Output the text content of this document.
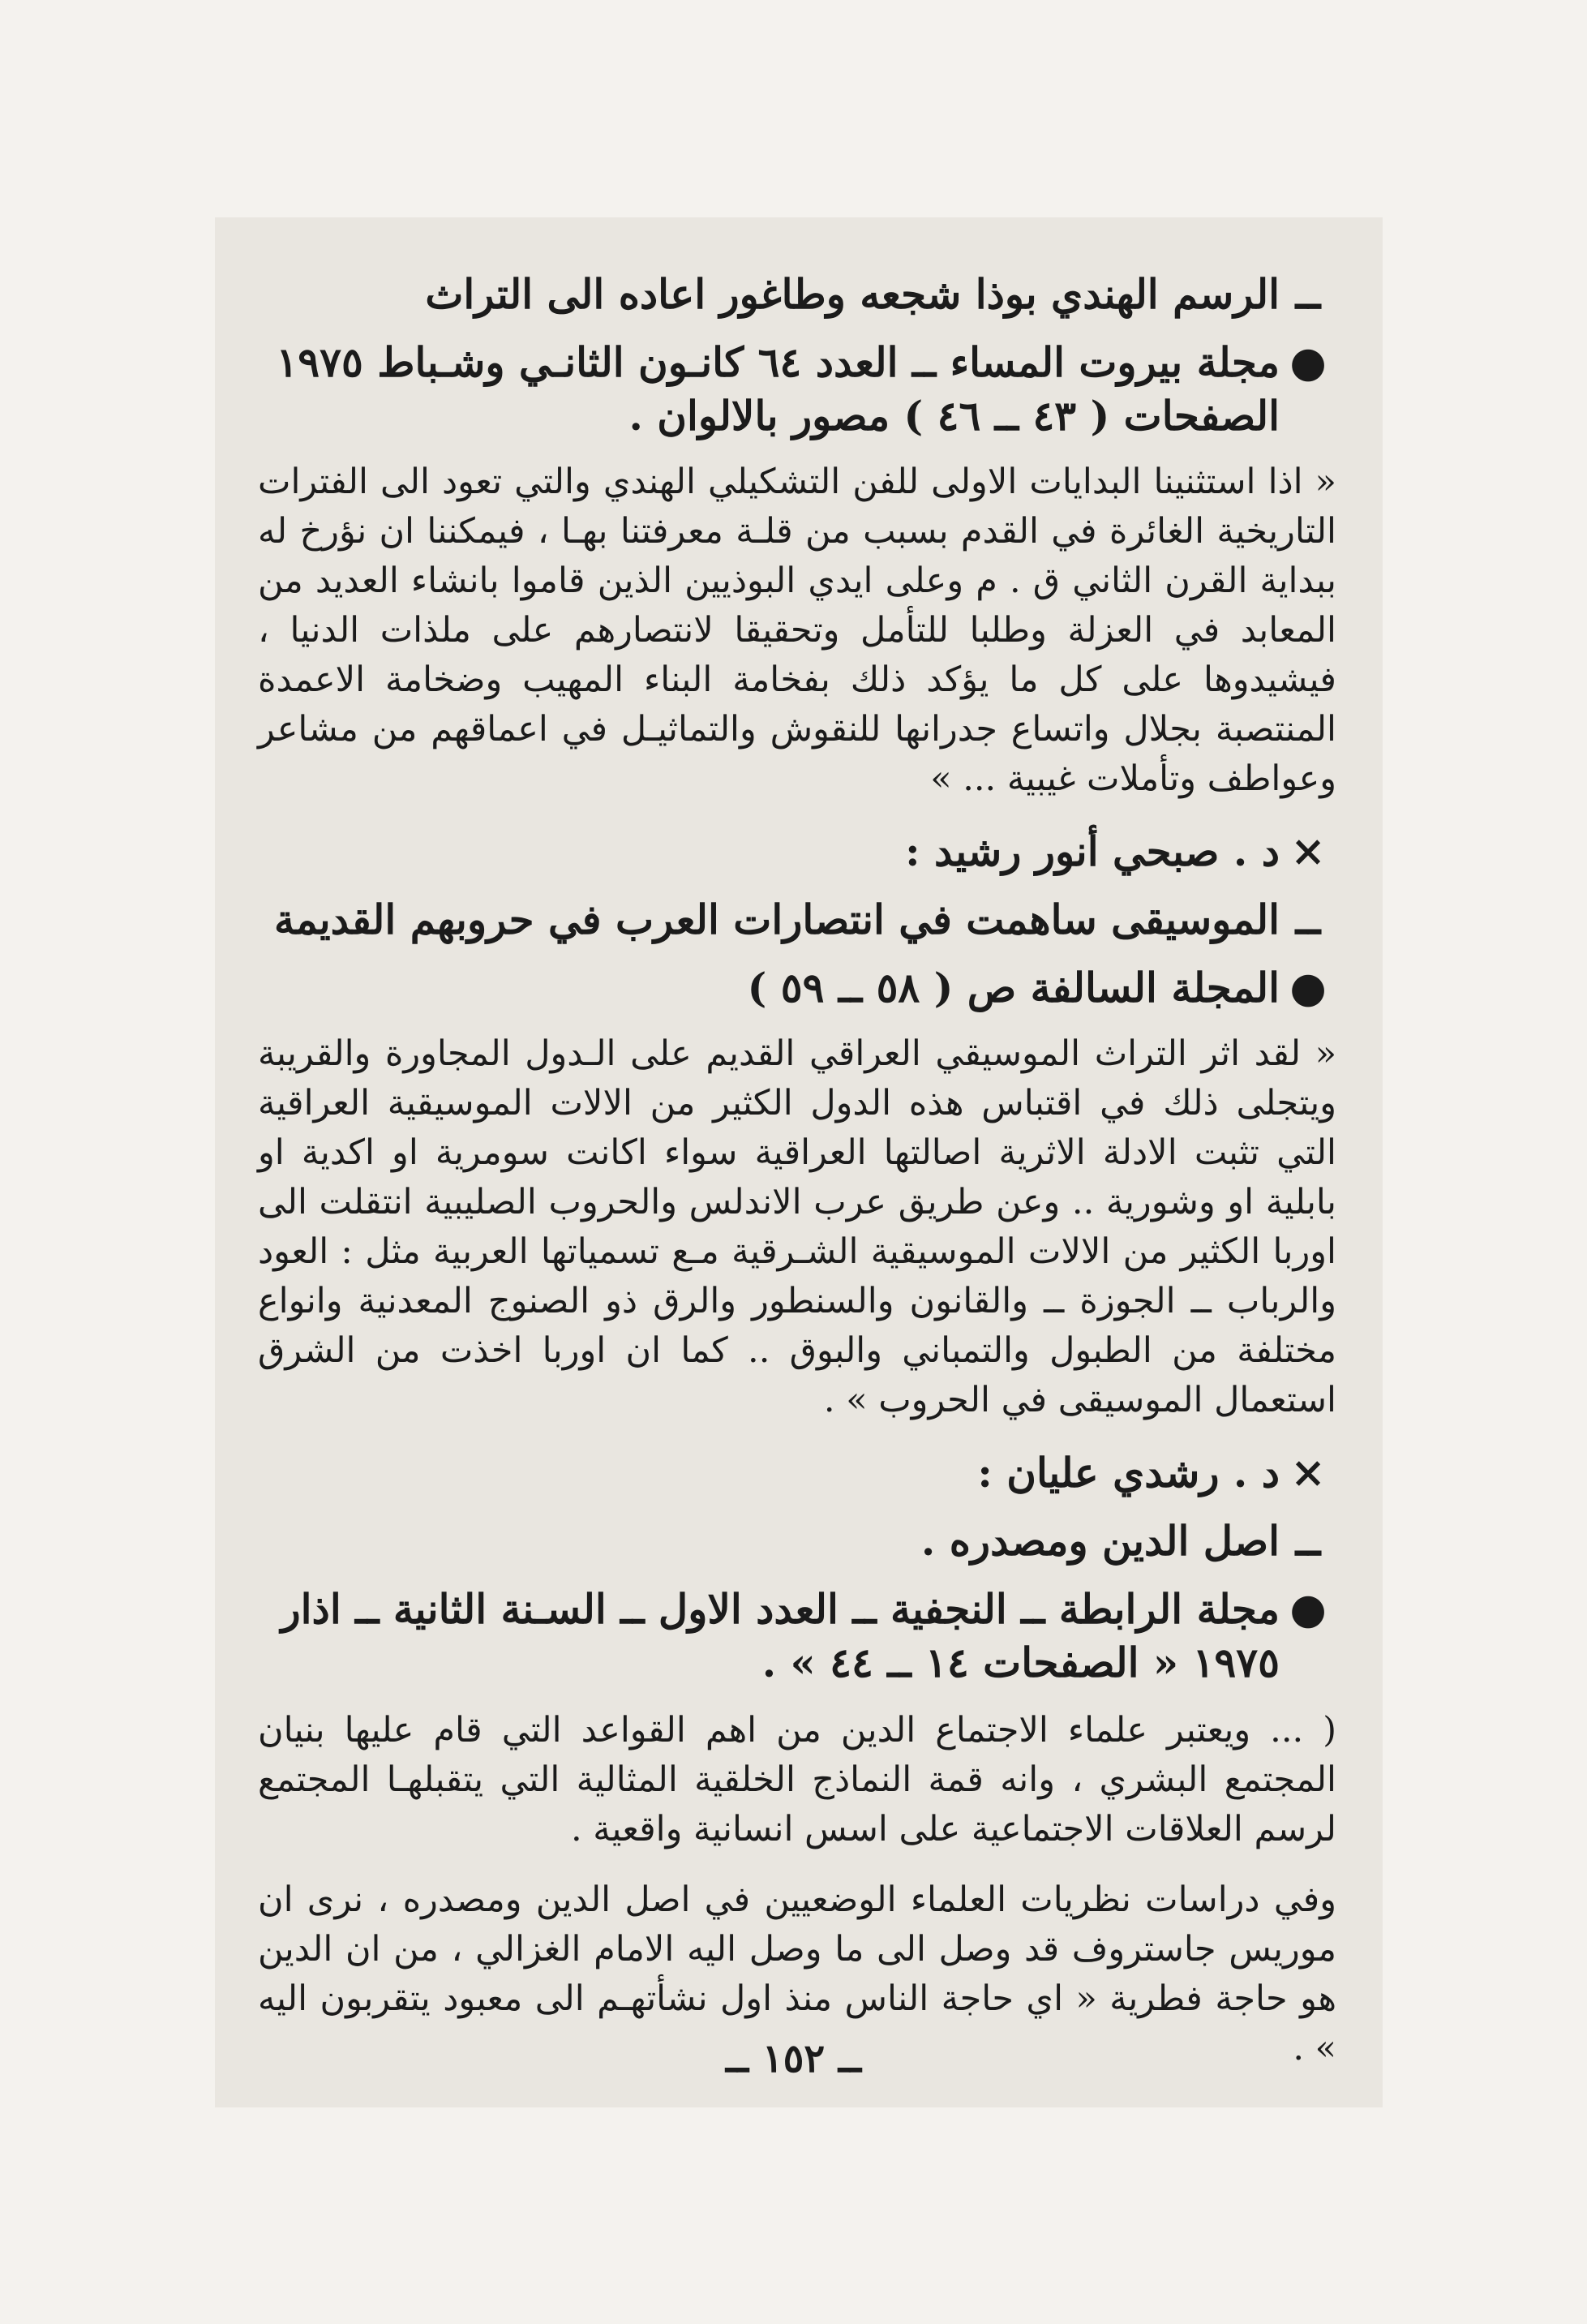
ــ
الرسم الهندي بوذا شجعه وطاغور اعاده الى التراث
●
مجلة بيروت المساء ــ العدد ٦٤ كانـون الثانـي وشـباط ١٩٧٥ الصفحات ( ٤٣ ــ ٤٦ ) مصور بالالوان .

« اذا استثنينا البدايات الاولى للفن التشكيلي الهندي والتي تعود الى الفترات التاريخية الغائرة في القدم بسبب من قلـة معرفتنا بهـا ، فيمكننا ان نؤرخ له ببداية القرن الثاني ق . م وعلى ايدي البوذيين الذين قاموا بانشاء العديد من المعابد في العزلة وطلبا للتأمل وتحقيقا لانتصارهم على ملذات الدنيا ، فيشيدوها على كل ما يؤكد ذلك بفخامة البناء المهيب وضخامة الاعمدة المنتصبة بجلال واتساع جدرانها للنقوش والتماثيـل في اعماقهم من مشاعر وعواطف وتأملات غيبية ... »

×
د . صبحي أنور رشيد :
ــ
الموسيقى ساهمت في انتصارات العرب في حروبهم القديمة
●
المجلة السالفة ص ( ٥٨ ــ ٥٩ )

« لقد اثر التراث الموسيقي العراقي القديم على الـدول المجاورة والقريبة ويتجلى ذلك في اقتباس هذه الدول الكثير من الالات الموسيقية العراقية التي تثبت الادلة الاثرية اصالتها العراقية سواء اكانت سومرية او اكدية او بابلية او وشورية .. وعن طريق عرب الاندلس والحروب الصليبية انتقلت الى اوربا الكثير من الالات الموسيقية الشـرقية مـع تسمياتها العربية مثل : العود والرباب ــ الجوزة ــ والقانون والسنطور والرق ذو الصنوج المعدنية وانواع مختلفة من الطبول والتمباني والبوق .. كما ان اوربا اخذت من الشرق استعمال الموسيقى في الحروب » .

×
د . رشدي عليان :
ــ
اصل الدين ومصدره .
●
مجلة الرابطة ــ النجفية ــ العدد الاول ــ السـنة الثانية ــ اذار ١٩٧٥ « الصفحات ١٤ ــ ٤٤ » .

( ... ويعتبر علماء الاجتماع الدين من اهم القواعد التي قام عليها بنيان المجتمع البشري ، وانه قمة النماذج الخلقية المثالية التي يتقبلهـا المجتمع لرسم العلاقات الاجتماعية على اسس انسانية واقعية .

وفي دراسات نظريات العلماء الوضعيين في اصل الدين ومصدره ، نرى ان موريس جاستروف قد وصل الى ما وصل اليه الامام الغزالي ، من ان الدين هو حاجة فطرية « اي حاجة الناس منذ اول نشأتهـم الى معبود يتقربون اليه » .

ــ ١٥٢ ــ
